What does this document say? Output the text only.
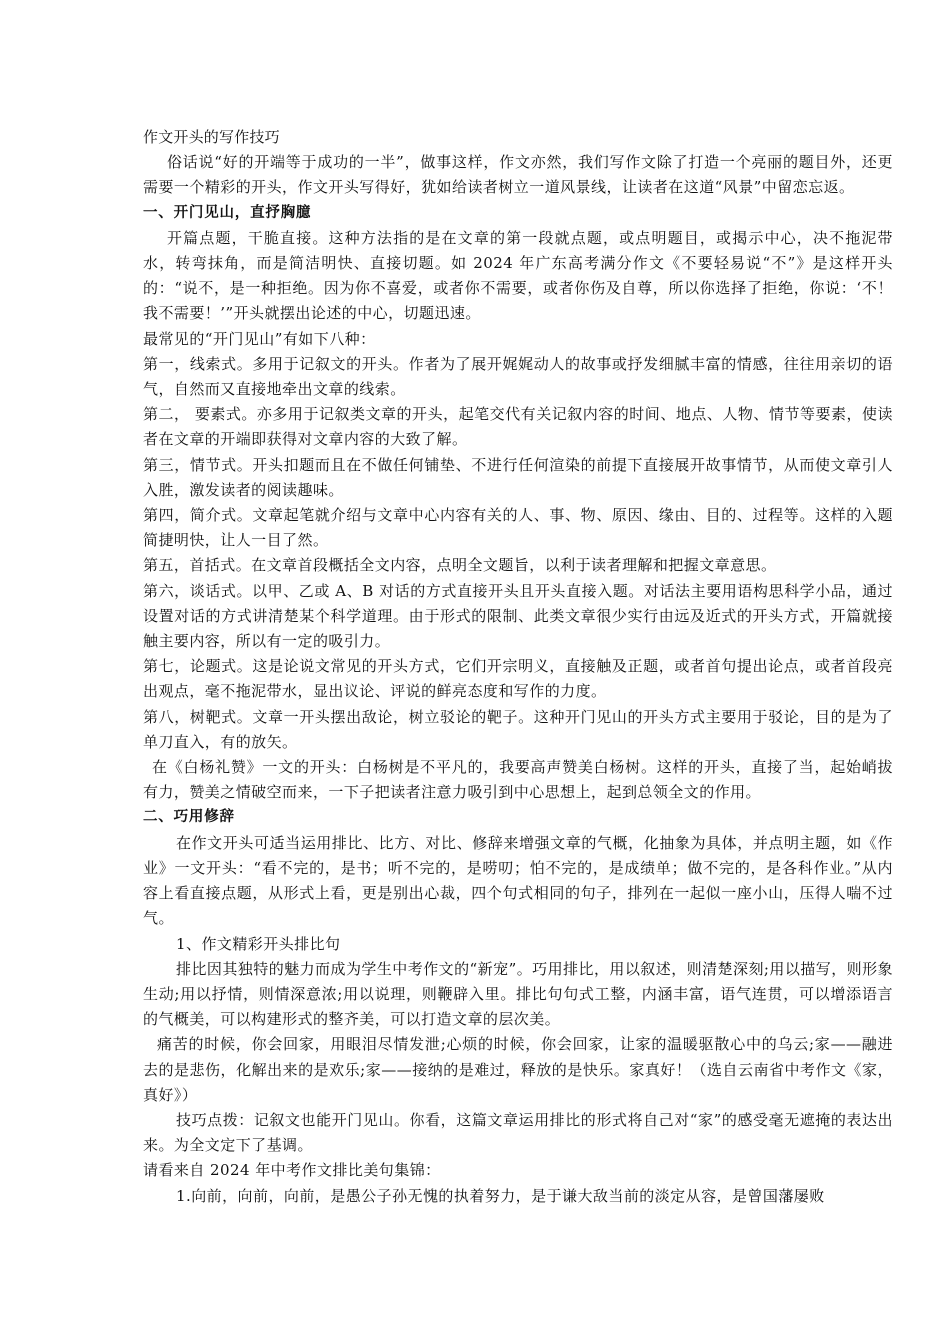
作文开头的写作技巧

俗话说“好的开端等于成功的一半”，做事这样，作文亦然，我们写作文除了打造一个亮丽的题目外，还更需要一个精彩的开头，作文开头写得好，犹如给读者树立一道风景线，让读者在这道“风景”中留恋忘返。

一、开门见山，直抒胸臆

开篇点题，干脆直接。这种方法指的是在文章的第一段就点题，或点明题目，或揭示中心，决不拖泥带水，转弯抹角，而是简洁明快、直接切题。如 2024 年广东高考满分作文《不要轻易说“不”》是这样开头的：“说不，是一种拒绝。因为你不喜爱，或者你不需要，或者你伤及自尊，所以你选择了拒绝，你说：‘不！我不需要！’”开头就摆出论述的中心，切题迅速。

最常见的“开门见山”有如下八种：

第一，线索式。多用于记叙文的开头。作者为了展开娓娓动人的故事或抒发细腻丰富的情感，往往用亲切的语气，自然而又直接地牵出文章的线索。

第二， 要素式。亦多用于记叙类文章的开头，起笔交代有关记叙内容的时间、地点、人物、情节等要素，使读者在文章的开端即获得对文章内容的大致了解。

第三，情节式。开头扣题而且在不做任何铺垫、不进行任何渲染的前提下直接展开故事情节，从而使文章引人入胜，激发读者的阅读趣味。

第四，简介式。文章起笔就介绍与文章中心内容有关的人、事、物、原因、缘由、目的、过程等。这样的入题简捷明快，让人一目了然。

第五，首括式。在文章首段概括全文内容，点明全文题旨，以利于读者理解和把握文章意思。

第六，谈话式。以甲、乙或 A、B 对话的方式直接开头且开头直接入题。对话法主要用语构思科学小品，通过设置对话的方式讲清楚某个科学道理。由于形式的限制、此类文章很少实行由远及近式的开头方式，开篇就接触主要内容，所以有一定的吸引力。

第七，论题式。这是论说文常见的开头方式，它们开宗明义，直接触及正题，或者首句提出论点，或者首段亮出观点，毫不拖泥带水，显出议论、评说的鲜亮态度和写作的力度。

第八，树靶式。文章一开头摆出敌论，树立驳论的靶子。这种开门见山的开头方式主要用于驳论，目的是为了单刀直入，有的放矢。

在《白杨礼赞》一文的开头：白杨树是不平凡的，我要高声赞美白杨树。这样的开头，直接了当，起始峭拔有力，赞美之情破空而来，一下子把读者注意力吸引到中心思想上，起到总领全文的作用。

二、巧用修辞

在作文开头可适当运用排比、比方、对比、修辞来增强文章的气概，化抽象为具体，并点明主题，如《作业》一文开头：“看不完的，是书；听不完的，是唠叨；怕不完的，是成绩单；做不完的，是各科作业。”从内容上看直接点题，从形式上看，更是别出心裁，四个句式相同的句子，排列在一起似一座小山，压得人喘不过气。

1、作文精彩开头排比句

排比因其独特的魅力而成为学生中考作文的“新宠”。巧用排比，用以叙述，则清楚深刻;用以描写，则形象生动;用以抒情，则情深意浓;用以说理，则鞭辟入里。排比句句式工整，内涵丰富，语气连贯，可以增添语言的气概美，可以构建形式的整齐美，可以打造文章的层次美。

痛苦的时候，你会回家，用眼泪尽情发泄;心烦的时候，你会回家，让家的温暖驱散心中的乌云;家——融进去的是悲伤，化解出来的是欢乐;家——接纳的是难过，释放的是快乐。家真好！（选自云南省中考作文《家，真好》）

技巧点拨：记叙文也能开门见山。你看，这篇文章运用排比的形式将自己对“家”的感受毫无遮掩的表达出来。为全文定下了基调。

请看来自 2024 年中考作文排比美句集锦：

1.向前，向前，向前，是愚公子孙无愧的执着努力，是于谦大敌当前的淡定从容，是曾国藩屡败
